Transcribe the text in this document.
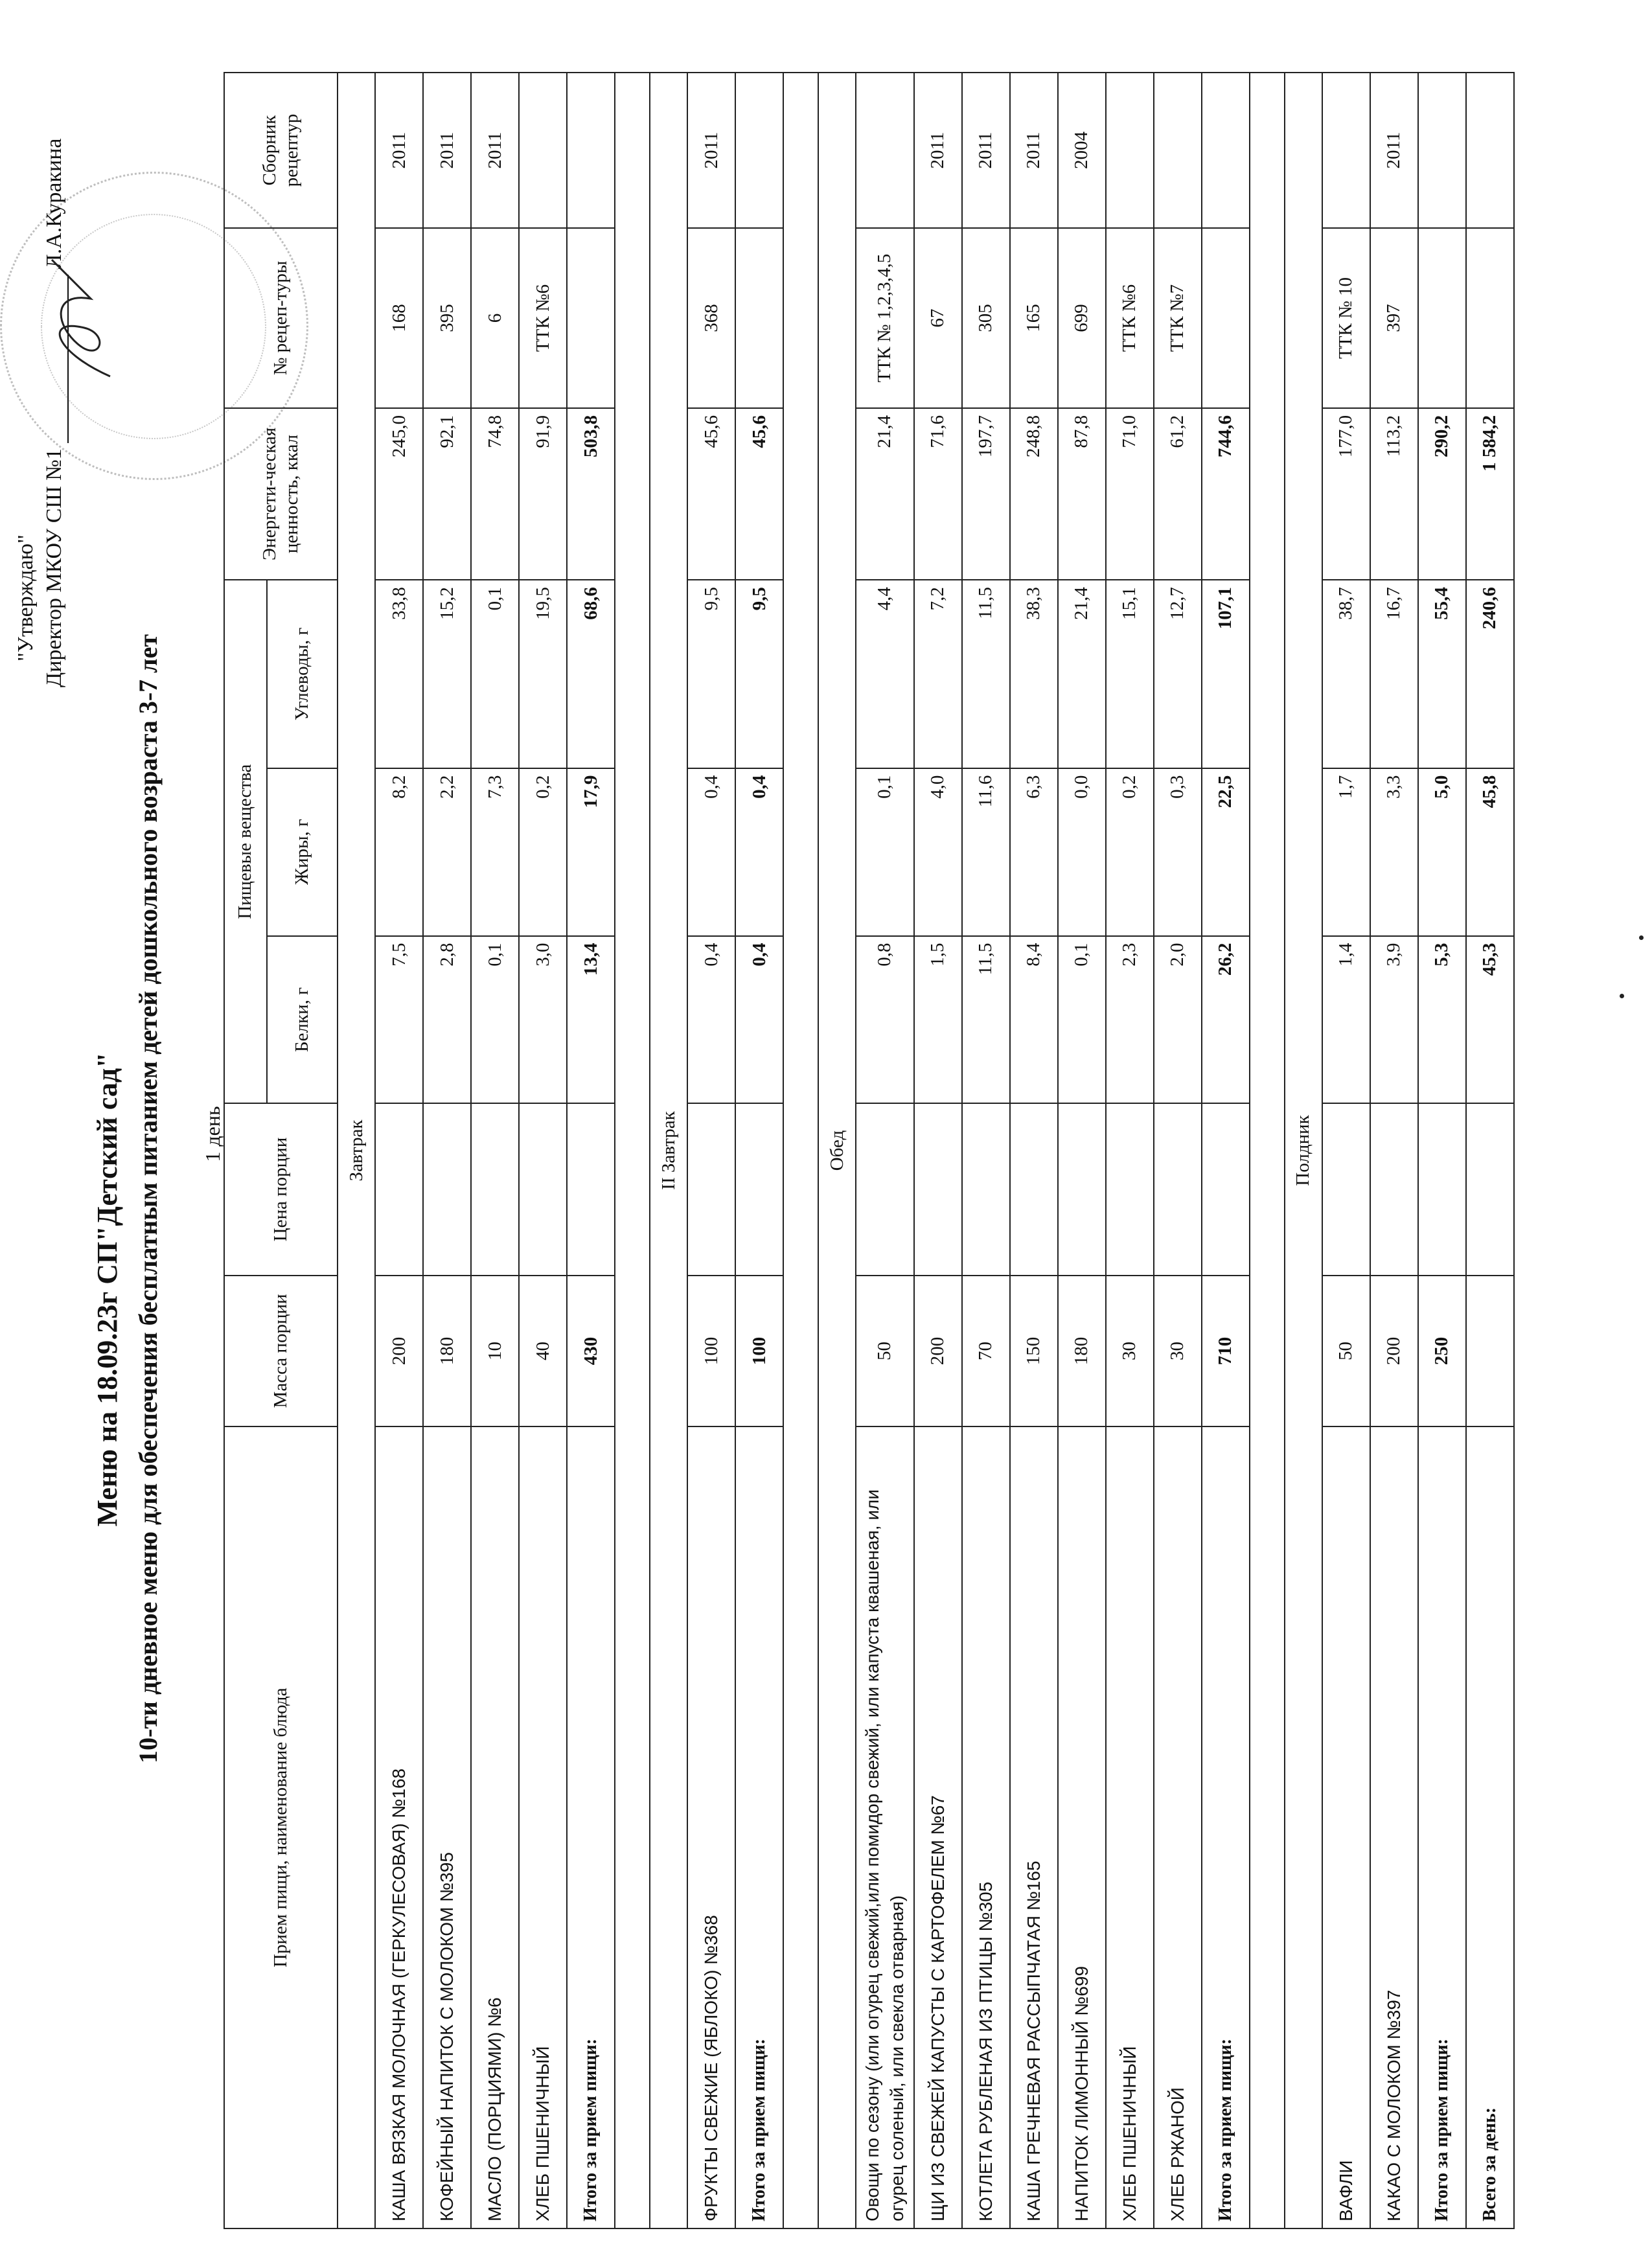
Меню на 18.09.23г СП"Детский сад" 10-ти дневное меню для обеспечения бесплатным питанием детей дошкольного возраста 3-7 лет 1 день
"Утверждаю" Директор МКОУ СШ №1  Л.А.Куракина
Прием пищи, наименование блюда	Масса порции	Цена порции	Пищевые вещества			Энергети-ческая ценность, ккал	№ рецеп-туры	Сборник рецептур
			Белки, г	Жиры, г	Углеводы, г			
Завтрак								
КАША ВЯЗКАЯ МОЛОЧНАЯ (ГЕРКУЛЕСОВАЯ) №168	200		7,5	8,2	33,8	245,0	168	2011
КОФЕЙНЫЙ НАПИТОК С МОЛОКОМ №395	180		2,8	2,2	15,2	92,1	395	2011
МАСЛО (ПОРЦИЯМИ) №6	10		0,1	7,3	0,1	74,8	6	2011
ХЛЕБ ПШЕНИЧНЫЙ	40		3,0	0,2	19,5	91,9	ТТК №6	
Итого за прием пищи:	430		13,4	17,9	68,6	503,8		

II Завтрак								
ФРУКТЫ СВЕЖИЕ (ЯБЛОКО) №368	100		0,4	0,4	9,5	45,6	368	2011
Итого за прием пищи:	100		0,4	0,4	9,5	45,6		

Обед								
Овощи по сезону (или огурец свежий,или помидор свежий, или капуста квашеная, или огурец соленый, или свекла отварная)	50		0,8	0,1	4,4	21,4	ТТК № 1,2,3,4,5	
ЩИ ИЗ СВЕЖЕЙ КАПУСТЫ С КАРТОФЕЛЕМ №67	200		1,5	4,0	7,2	71,6	67	2011
КОТЛЕТА РУБЛЕНАЯ ИЗ ПТИЦЫ №305	70		11,5	11,6	11,5	197,7	305	2011
КАША ГРЕЧНЕВАЯ РАССЫПЧАТАЯ №165	150		8,4	6,3	38,3	248,8	165	2011
НАПИТОК ЛИМОННЫЙ №699	180		0,1	0,0	21,4	87,8	699	2004
ХЛЕБ ПШЕНИЧНЫЙ	30		2,3	0,2	15,1	71,0	ТТК №6	
ХЛЕБ РЖАНОЙ	30		2,0	0,3	12,7	61,2	ТТК №7	
Итого за прием пищи:	710		26,2	22,5	107,1	744,6		

Полдник								
ВАФЛИ	50		1,4	1,7	38,7	177,0	ТТК № 10	
КАКАО С МОЛОКОМ №397	200		3,9	3,3	16,7	113,2	397	2011
Итого за прием пищи:	250		5,3	5,0	55,4	290,2		
Всего за день:			45,3	45,8	240,6	1 584,2		
